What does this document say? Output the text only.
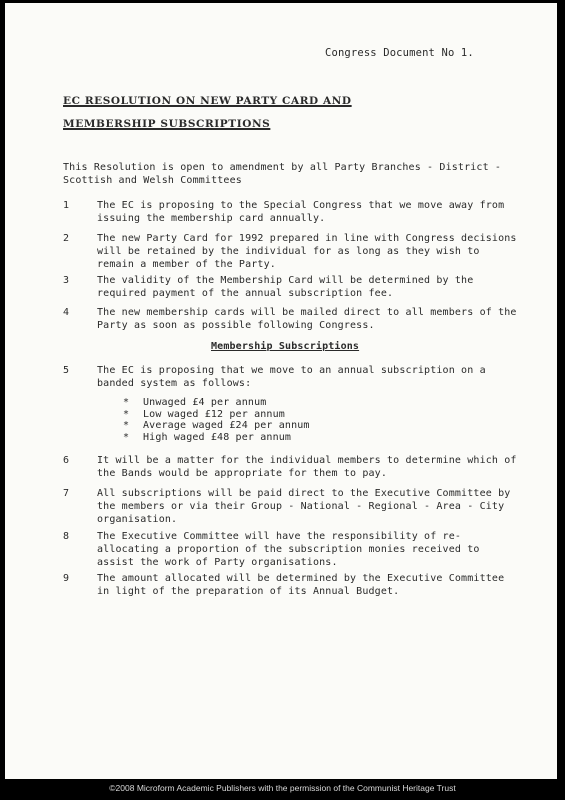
Congress Document No 1.
EC RESOLUTION ON NEW PARTY CARD AND
MEMBERSHIP SUBSCRIPTIONS
This Resolution is open to amendment by all Party Branches - District - Scottish and Welsh Committees
1	The EC is proposing to the Special Congress that we move away from issuing the membership card annually.
2	The new Party Card for 1992 prepared in line with Congress decisions will be retained by the individual for as long as they wish to remain a member of the Party.
3	The validity of the Membership Card will be determined by the required payment of the annual subscription fee.
4	The new membership cards will be mailed direct to all members of the Party as soon as possible following Congress.
Membership Subscriptions
5	The EC is proposing that we move to an annual subscription on a banded system as follows:
* Unwaged £4 per annum
* Low waged £12 per annum
* Average waged £24 per annum
* High waged £48 per annum
6	It will be a matter for the individual members to determine which of the Bands would be appropriate for them to pay.
7	All subscriptions will be paid direct to the Executive Committee by the members or via their Group - National - Regional - Area - City organisation.
8	The Executive Committee will have the responsibility of re-allocating a proportion of the subscription monies received to assist the work of Party organisations.
9	The amount allocated will be determined by the Executive Committee in light of the preparation of its Annual Budget.
©2008 Microform Academic Publishers with the permission of the Communist Heritage Trust
